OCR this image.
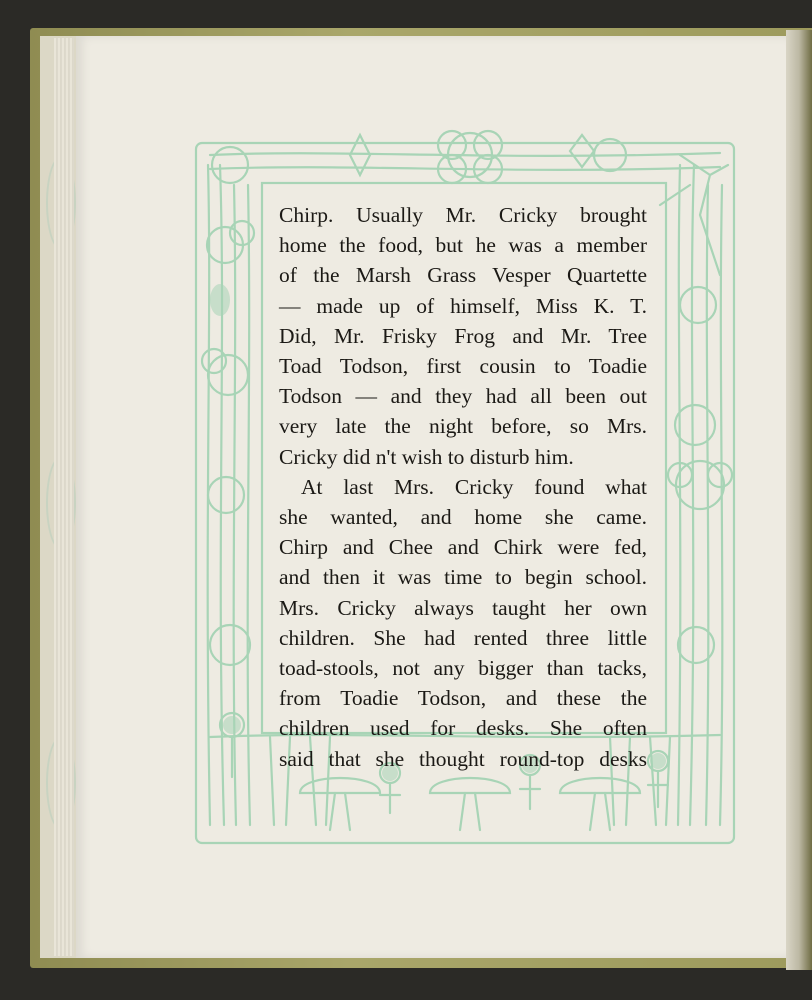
Chirp. Usually Mr. Cricky brought
home the food, but he was a member
of the Marsh Grass Vesper Quartette
— made up of himself, Miss K. T.
Did, Mr. Frisky Frog and Mr. Tree
Toad Todson, first cousin to Toadie
Todson — and they had all been out
very late the night before, so Mrs.
Cricky did n't wish to disturb him.
At last Mrs. Cricky found what
she wanted, and home she came.
Chirp and Chee and Chirk were fed,
and then it was time to begin school.
Mrs. Cricky always taught her own
children. She had rented three little
toad-stools, not any bigger than tacks,
from Toadie Todson, and these the
children used for desks. She often
said that she thought round-top desks
